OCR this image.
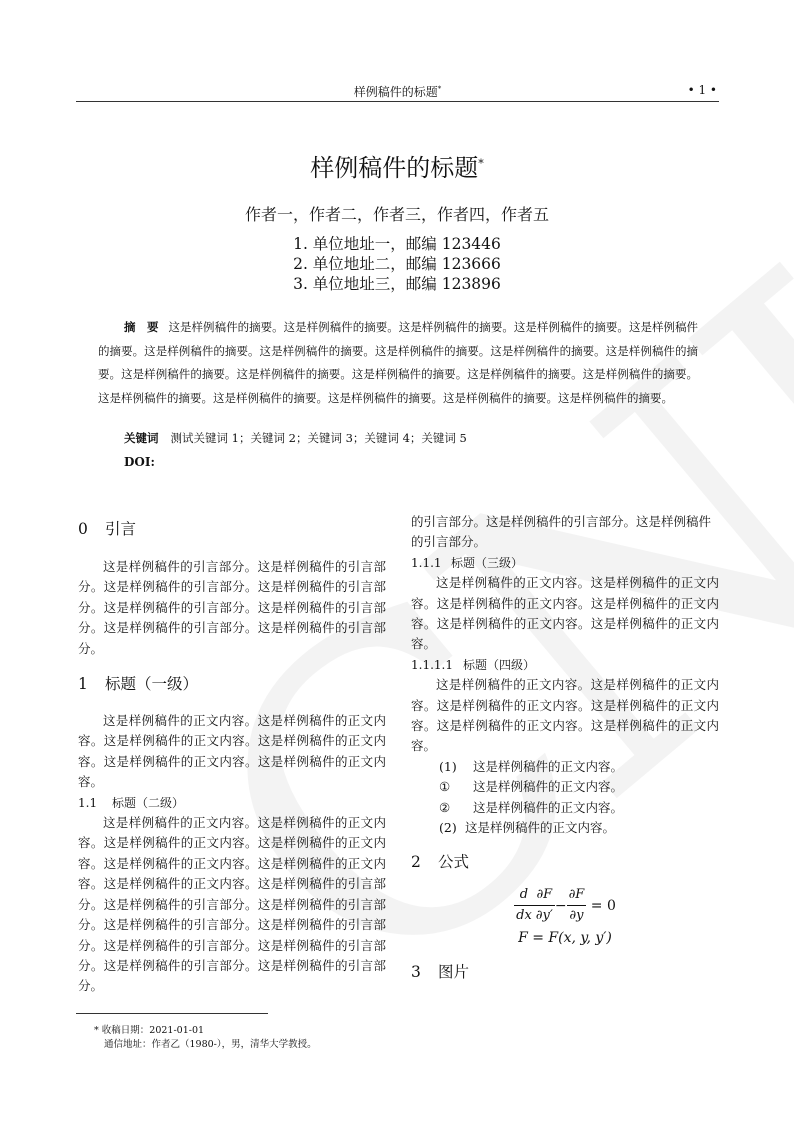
样例稿件的标题*	• 1 •
样例稿件的标题*
作者一，作者二，作者三，作者四，作者五
1. 单位地址一，邮编 123446
2. 单位地址二，邮编 123666
3. 单位地址三，邮编 123896
摘　要 这是样例稿件的摘要。这是样例稿件的摘要。这是样例稿件的摘要。这是样例稿件的摘要。这是样例稿件的摘要。这是样例稿件的摘要。这是样例稿件的摘要。这是样例稿件的摘要。这是样例稿件的摘要。这是样例稿件的摘要。这是样例稿件的摘要。这是样例稿件的摘要。这是样例稿件的摘要。这是样例稿件的摘要。这是样例稿件的摘要。这是样例稿件的摘要。这是样例稿件的摘要。这是样例稿件的摘要。这是样例稿件的摘要。这是样例稿件的摘要。
关键词 测试关键词 1；关键词 2；关键词 3；关键词 4；关键词 5
DOI:

0 引言

这是样例稿件的引言部分。这是样例稿件的引言部分。这是样例稿件的引言部分。这是样例稿件的引言部分。这是样例稿件的引言部分。这是样例稿件的引言部分。这是样例稿件的引言部分。这是样例稿件的引言部分。

1 标题（一级）

这是样例稿件的正文内容。这是样例稿件的正文内容。这是样例稿件的正文内容。这是样例稿件的正文内容。这是样例稿件的正文内容。这是样例稿件的正文内容。

1.1 标题（二级）

这是样例稿件的正文内容。这是样例稿件的正文内容。这是样例稿件的正文内容。这是样例稿件的正文内容。这是样例稿件的正文内容。这是样例稿件的正文内容。这是样例稿件的正文内容。这是样例稿件的引言部分。这是样例稿件的引言部分。这是样例稿件的引言部分。这是样例稿件的引言部分。这是样例稿件的引言部分。这是样例稿件的引言部分。这是样例稿件的引言部分。这是样例稿件的引言部分。这是样例稿件的引言部分。

的引言部分。这是样例稿件的引言部分。这是样例稿件的引言部分。

1.1.1 标题（三级）

这是样例稿件的正文内容。这是样例稿件的正文内容。这是样例稿件的正文内容。这是样例稿件的正文内容。这是样例稿件的正文内容。这是样例稿件的正文内容。

1.1.1.1 标题（四级）

这是样例稿件的正文内容。这是样例稿件的正文内容。这是样例稿件的正文内容。这是样例稿件的正文内容。这是样例稿件的正文内容。这是样例稿件的正文内容。

(1) 这是样例稿件的正文内容。

① 这是样例稿件的正文内容。

② 这是样例稿件的正文内容。

(2) 这是样例稿件的正文内容。

2 公式

$\frac{d}{dx} \frac{\partial F}{\partial y'} - \frac{\partial F}{\partial y} = 0$
F = F(x, y, y′)

3 图片

* 收稿日期：2021-01-01
通信地址：作者乙（1980-），男，清华大学教授。
